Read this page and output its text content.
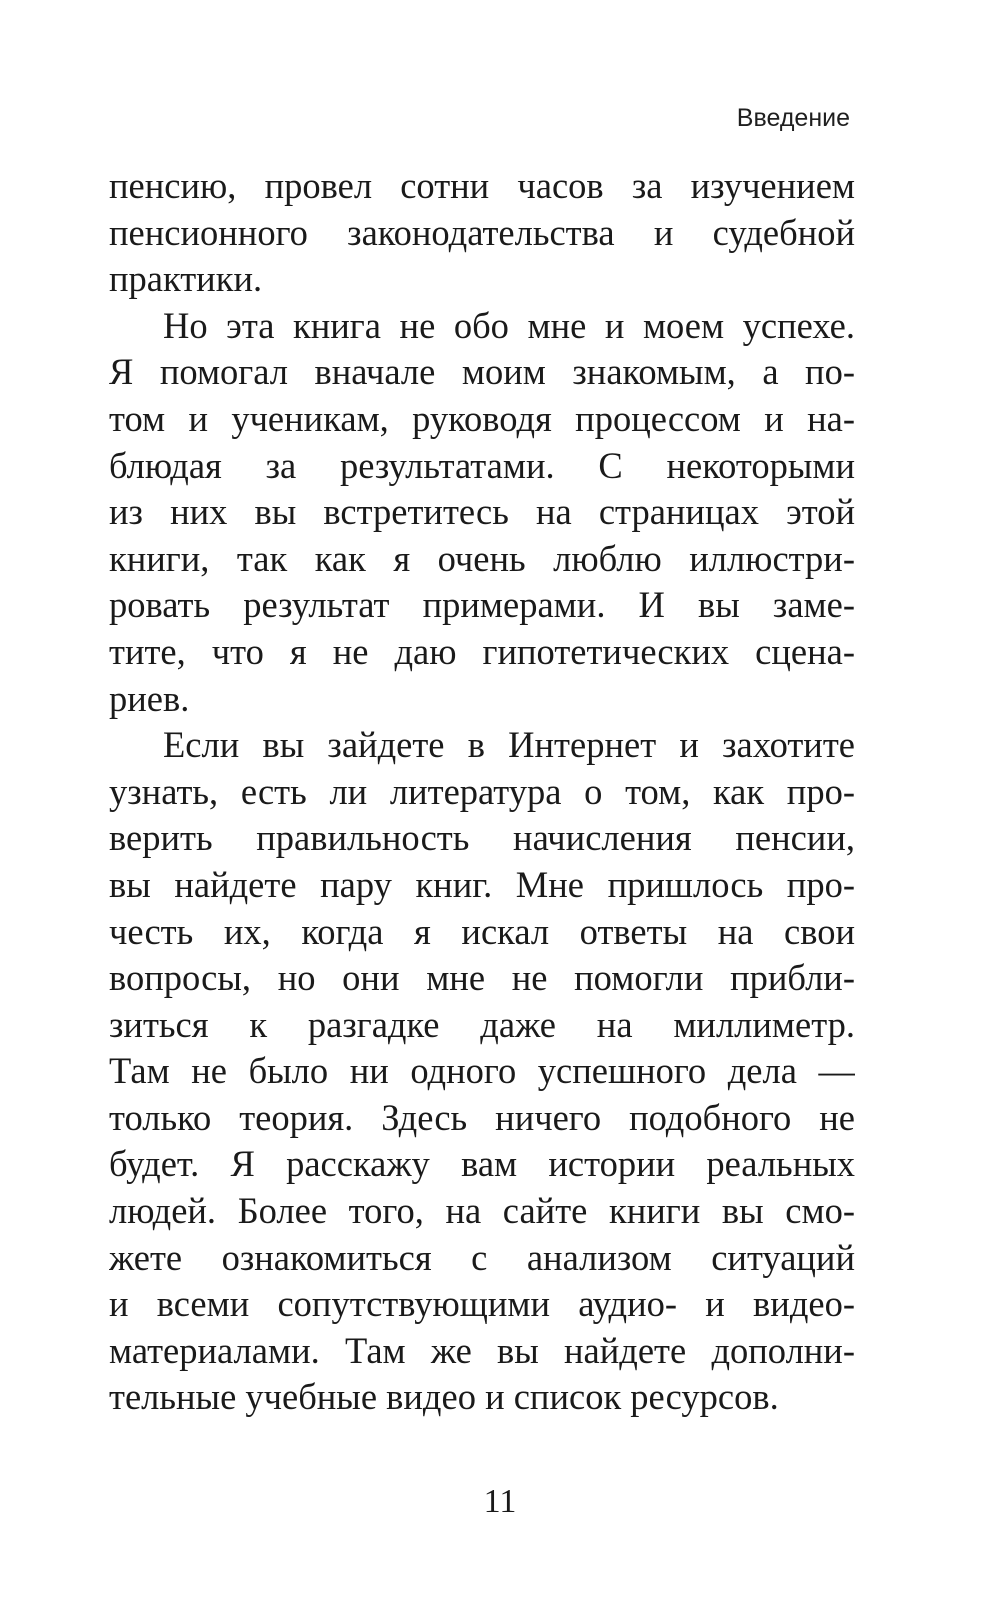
Введение
пенсию, провел сотни часов за изучением
пенсионного законодательства и судебной
практики.
Но эта книга не обо мне и моем успехе.
Я помогал вначале моим знакомым, а по-
том и ученикам, руководя процессом и на-
блюдая за результатами. С некоторыми
из них вы встретитесь на страницах этой
книги, так как я очень люблю иллюстри-
ровать результат примерами. И вы заме-
тите, что я не даю гипотетических сцена-
риев.
Если вы зайдете в Интернет и захотите
узнать, есть ли литература о том, как про-
верить правильность начисления пенсии,
вы найдете пару книг. Мне пришлось про-
честь их, когда я искал ответы на свои
вопросы, но они мне не помогли прибли-
зиться к разгадке даже на миллиметр.
Там не было ни одного успешного дела —
только теория. Здесь ничего подобного не
будет. Я расскажу вам истории реальных
людей. Более того, на сайте книги вы смо-
жете ознакомиться с анализом ситуаций
и всеми сопутствующими аудио- и видео-
материалами. Там же вы найдете дополни-
тельные учебные видео и список ресурсов.
11
